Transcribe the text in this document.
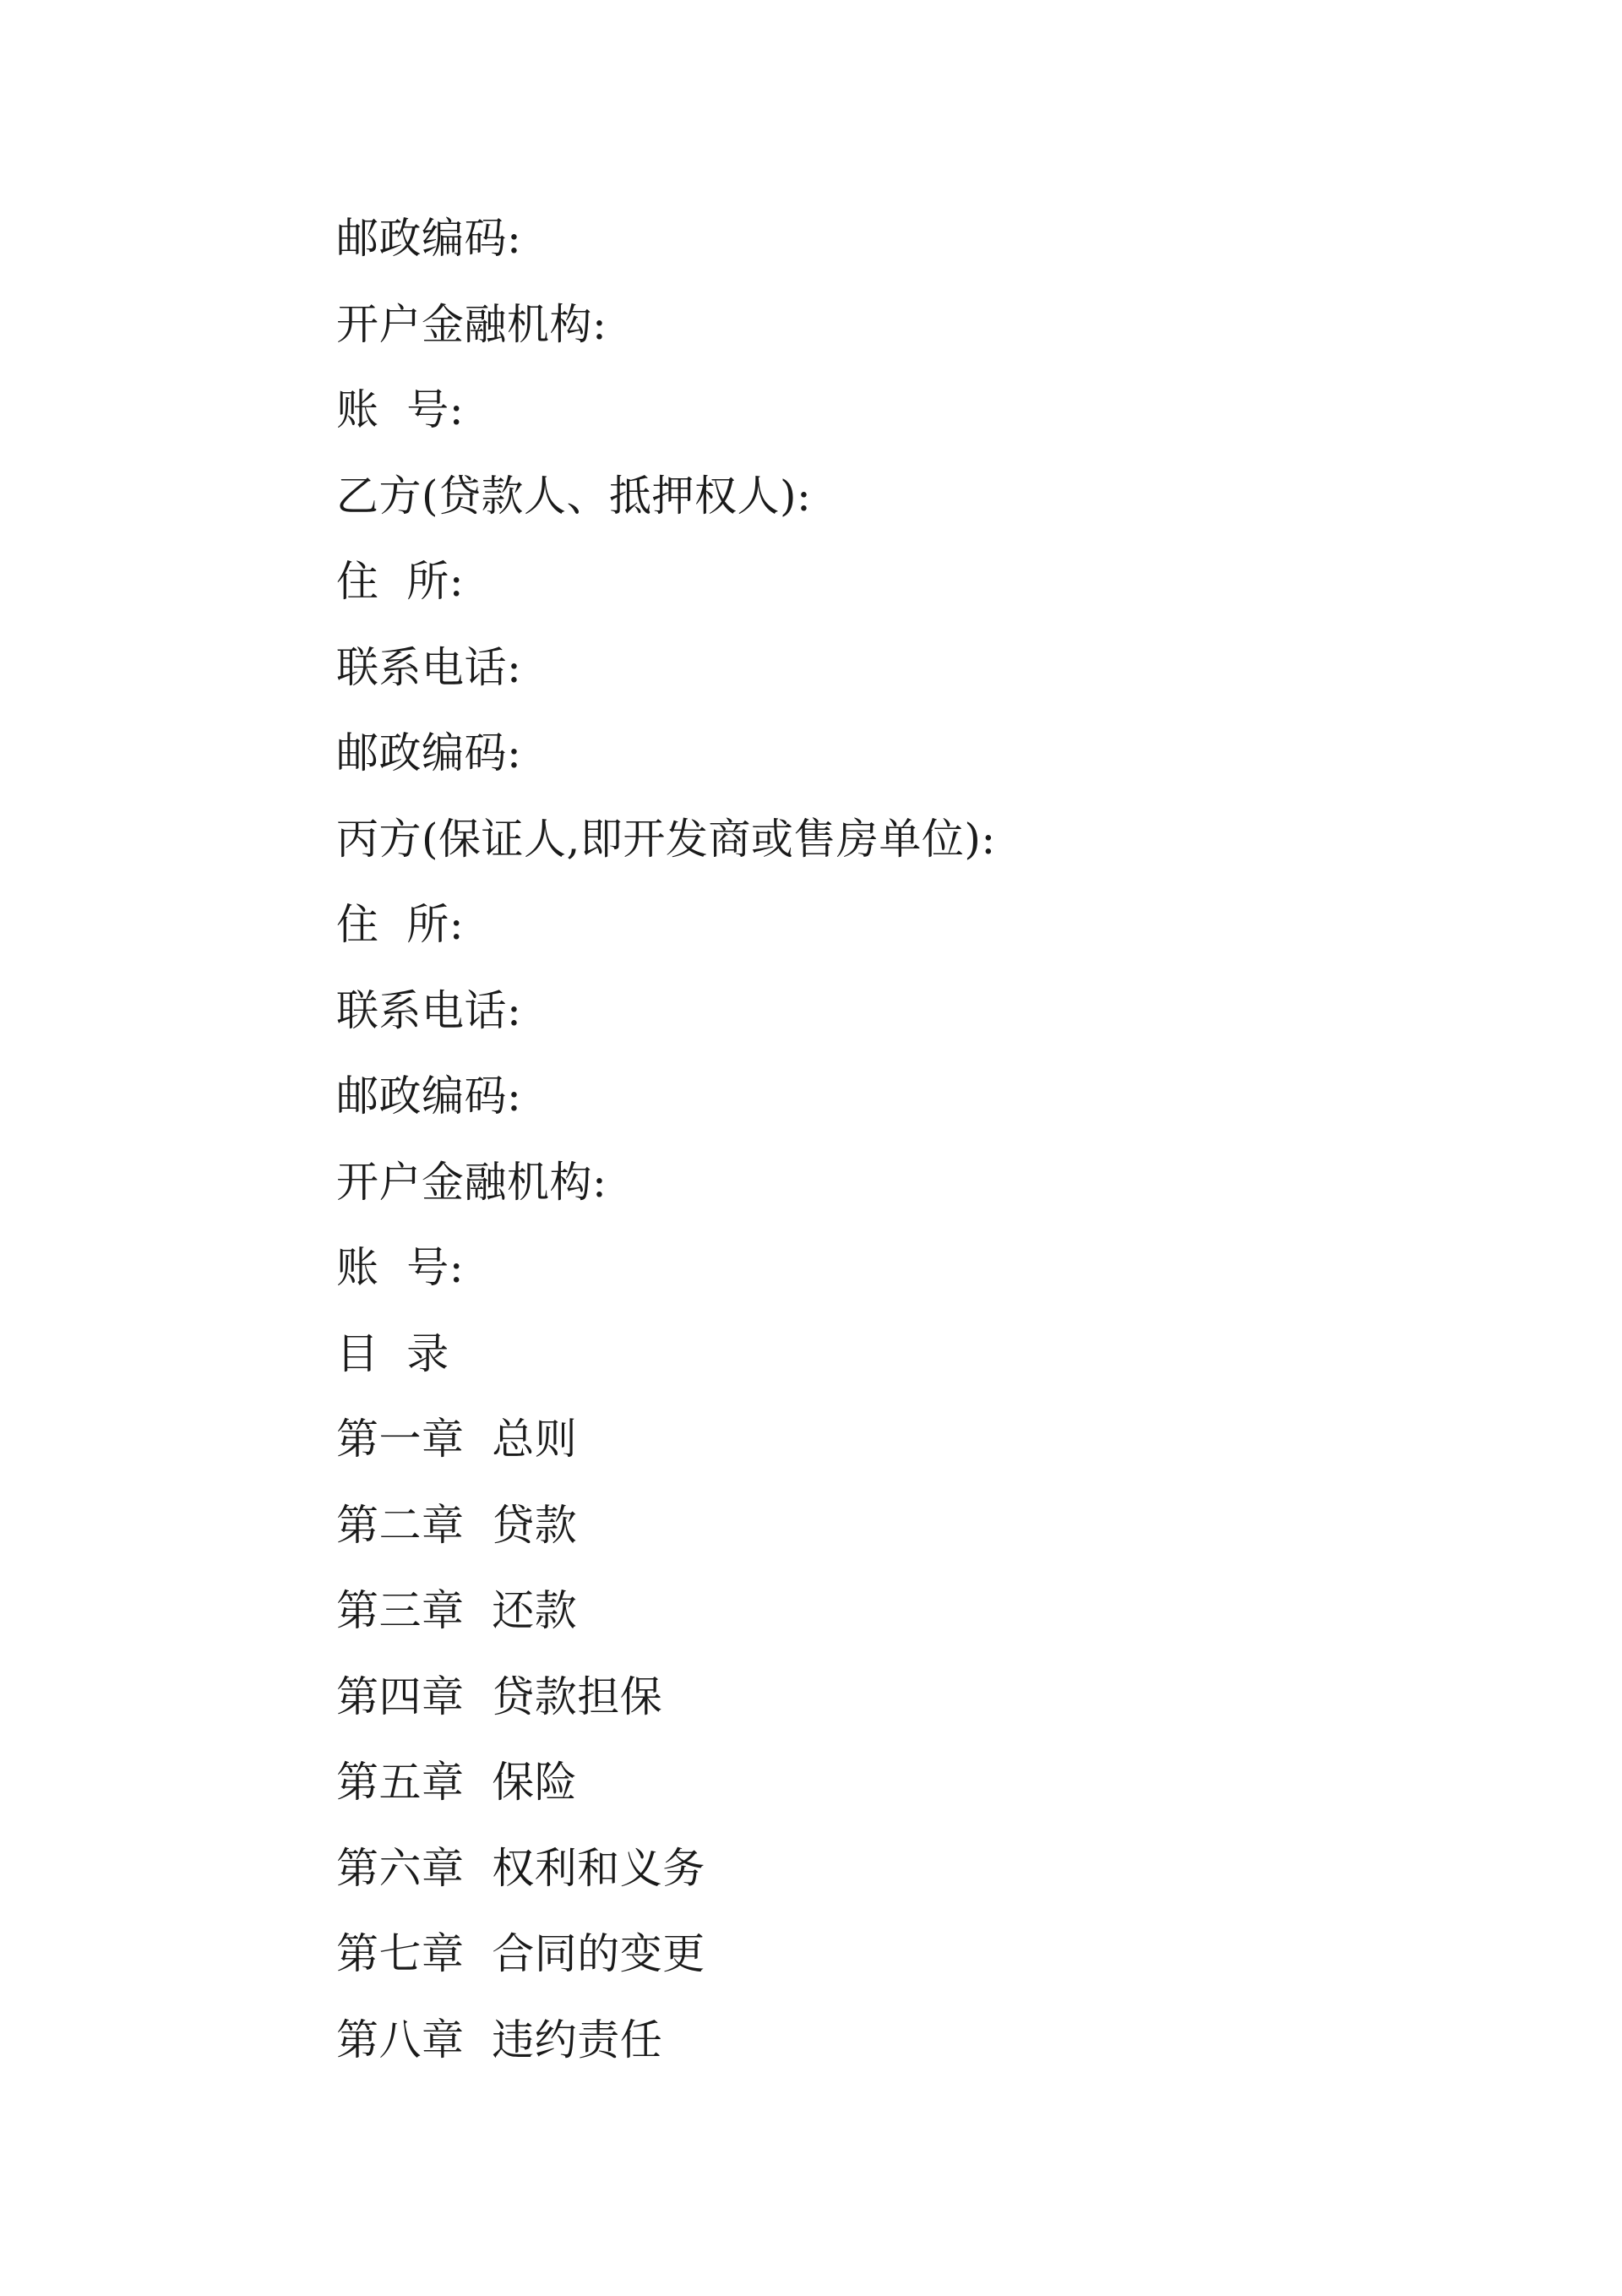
邮政编码:
开户金融机构:
账  号:
乙方(贷款人、抵押权人):
住  所:
联系电话:
邮政编码:
丙方(保证人,即开发商或售房单位):
住  所:
联系电话:
邮政编码:
开户金融机构:
账  号:
目  录
第一章  总则
第二章  贷款
第三章  还款
第四章  贷款担保
第五章  保险
第六章  权利和义务
第七章  合同的变更
第八章  违约责任
